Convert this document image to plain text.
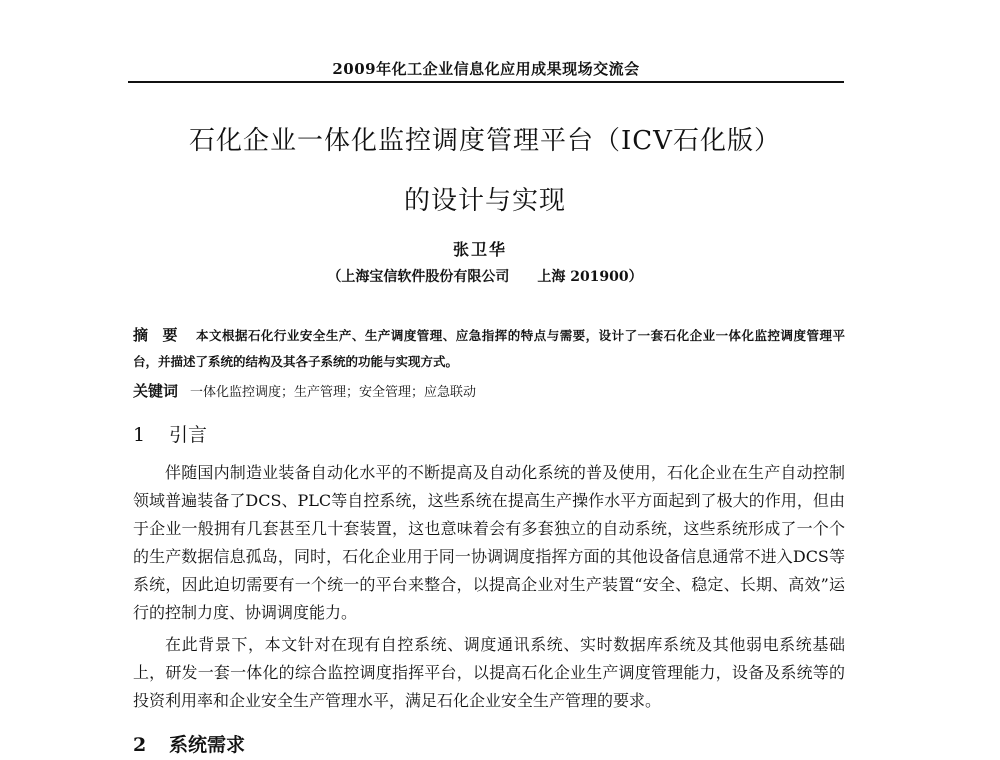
2009年化工企业信息化应用成果现场交流会
石化企业一体化监控调度管理平台（ICV石化版）
的设计与实现
张卫华
（上海宝信软件股份有限公司　　上海 201900）
摘要 本文根据石化行业安全生产、生产调度管理、应急指挥的特点与需要，设计了一套石化企业一体化监控调度管理平台，并描述了系统的结构及其各子系统的功能与实现方式。
关键词 一体化监控调度；生产管理；安全管理；应急联动
1 引言

伴随国内制造业装备自动化水平的不断提高及自动化系统的普及使用，石化企业在生产自动控制领域普遍装备了DCS、PLC等自控系统，这些系统在提高生产操作水平方面起到了极大的作用，但由于企业一般拥有几套甚至几十套装置，这也意味着会有多套独立的自动系统，这些系统形成了一个个的生产数据信息孤岛，同时，石化企业用于同一协调调度指挥方面的其他设备信息通常不进入DCS等系统，因此迫切需要有一个统一的平台来整合，以提高企业对生产装置“安全、稳定、长期、高效”运行的控制力度、协调调度能力。

在此背景下，本文针对在现有自控系统、调度通讯系统、实时数据库系统及其他弱电系统基础上，研发一套一体化的综合监控调度指挥平台，以提高石化企业生产调度管理能力，设备及系统等的投资利用率和企业安全生产管理水平，满足石化企业安全生产管理的要求。

2 系统需求
